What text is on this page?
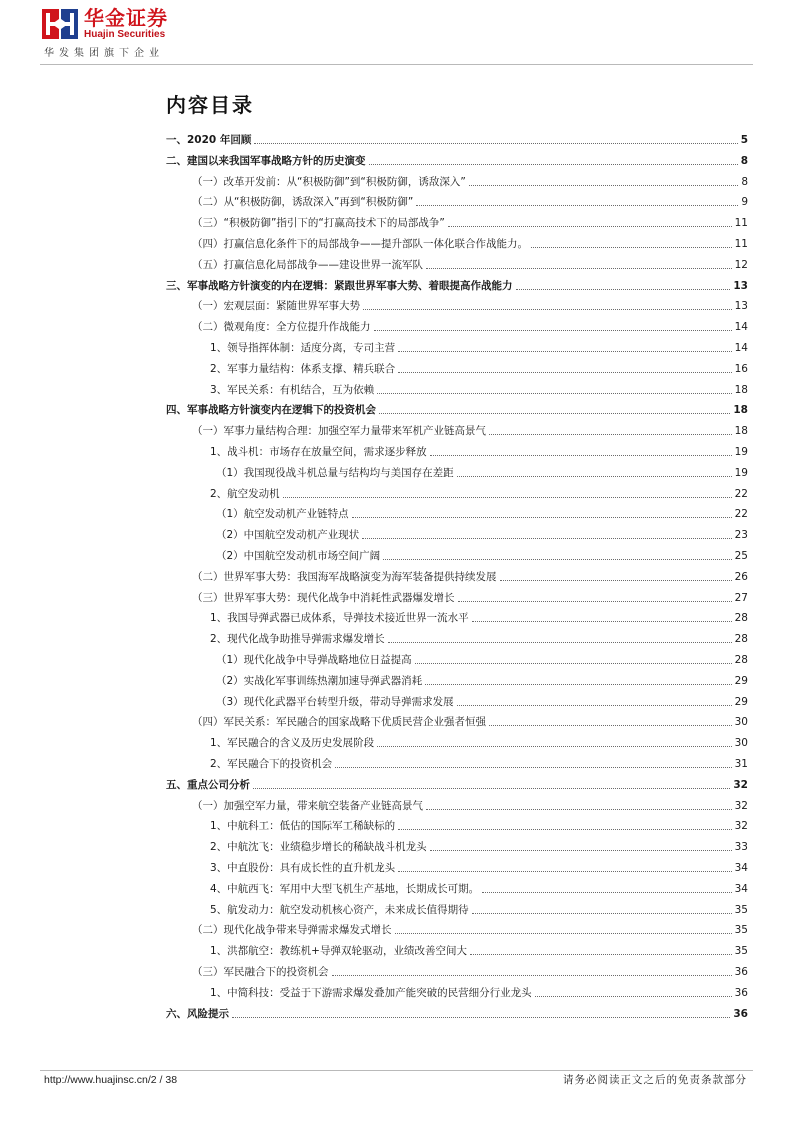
华金证券
Huajin Securities
华发集团旗下企业
内容目录
一、2020 年回顾	5
二、建国以来我国军事战略方针的历史演变	8
（一）改革开发前：从“积极防御”到“积极防御，诱敌深入”	8
（二）从“积极防御，诱敌深入”再到“积极防御”	9
（三）“积极防御”指引下的“打赢高技术下的局部战争”	11
（四）打赢信息化条件下的局部战争——提升部队一体化联合作战能力。	11
（五）打赢信息化局部战争——建设世界一流军队	12
三、军事战略方针演变的内在逻辑：紧跟世界军事大势、着眼提高作战能力	13
（一）宏观层面：紧随世界军事大势	13
（二）微观角度：全方位提升作战能力	14
1、领导指挥体制：适度分离，专司主营	14
2、军事力量结构：体系支撑、精兵联合	16
3、军民关系：有机结合，互为依赖	18
四、军事战略方针演变内在逻辑下的投资机会	18
（一）军事力量结构合理：加强空军力量带来军机产业链高景气	18
1、战斗机：市场存在放量空间，需求逐步释放	19
（1）我国现役战斗机总量与结构均与美国存在差距	19
2、航空发动机	22
（1）航空发动机产业链特点	22
（2）中国航空发动机产业现状	23
（2）中国航空发动机市场空间广阔	25
（二）世界军事大势：我国海军战略演变为海军装备提供持续发展	26
（三）世界军事大势：现代化战争中消耗性武器爆发增长	27
1、我国导弹武器已成体系，导弹技术接近世界一流水平	28
2、现代化战争助推导弹需求爆发增长	28
（1）现代化战争中导弹战略地位日益提高	28
（2）实战化军事训练热潮加速导弹武器消耗	29
（3）现代化武器平台转型升级，带动导弹需求发展	29
（四）军民关系：军民融合的国家战略下优质民营企业强者恒强	30
1、军民融合的含义及历史发展阶段	30
2、军民融合下的投资机会	31
五、重点公司分析	32
（一）加强空军力量，带来航空装备产业链高景气	32
1、中航科工：低估的国际军工稀缺标的	32
2、中航沈飞：业绩稳步增长的稀缺战斗机龙头	33
3、中直股份：具有成长性的直升机龙头	34
4、中航西飞：军用中大型飞机生产基地，长期成长可期。	34
5、航发动力：航空发动机核心资产，未来成长值得期待	35
（二）现代化战争带来导弹需求爆发式增长	35
1、洪都航空：教练机+导弹双轮驱动，业绩改善空间大	35
（三）军民融合下的投资机会	36
1、中简科技：受益于下游需求爆发叠加产能突破的民营细分行业龙头	36
六、风险提示	36
http://www.huajinsc.cn/2 / 38	请务必阅读正文之后的免责条款部分
